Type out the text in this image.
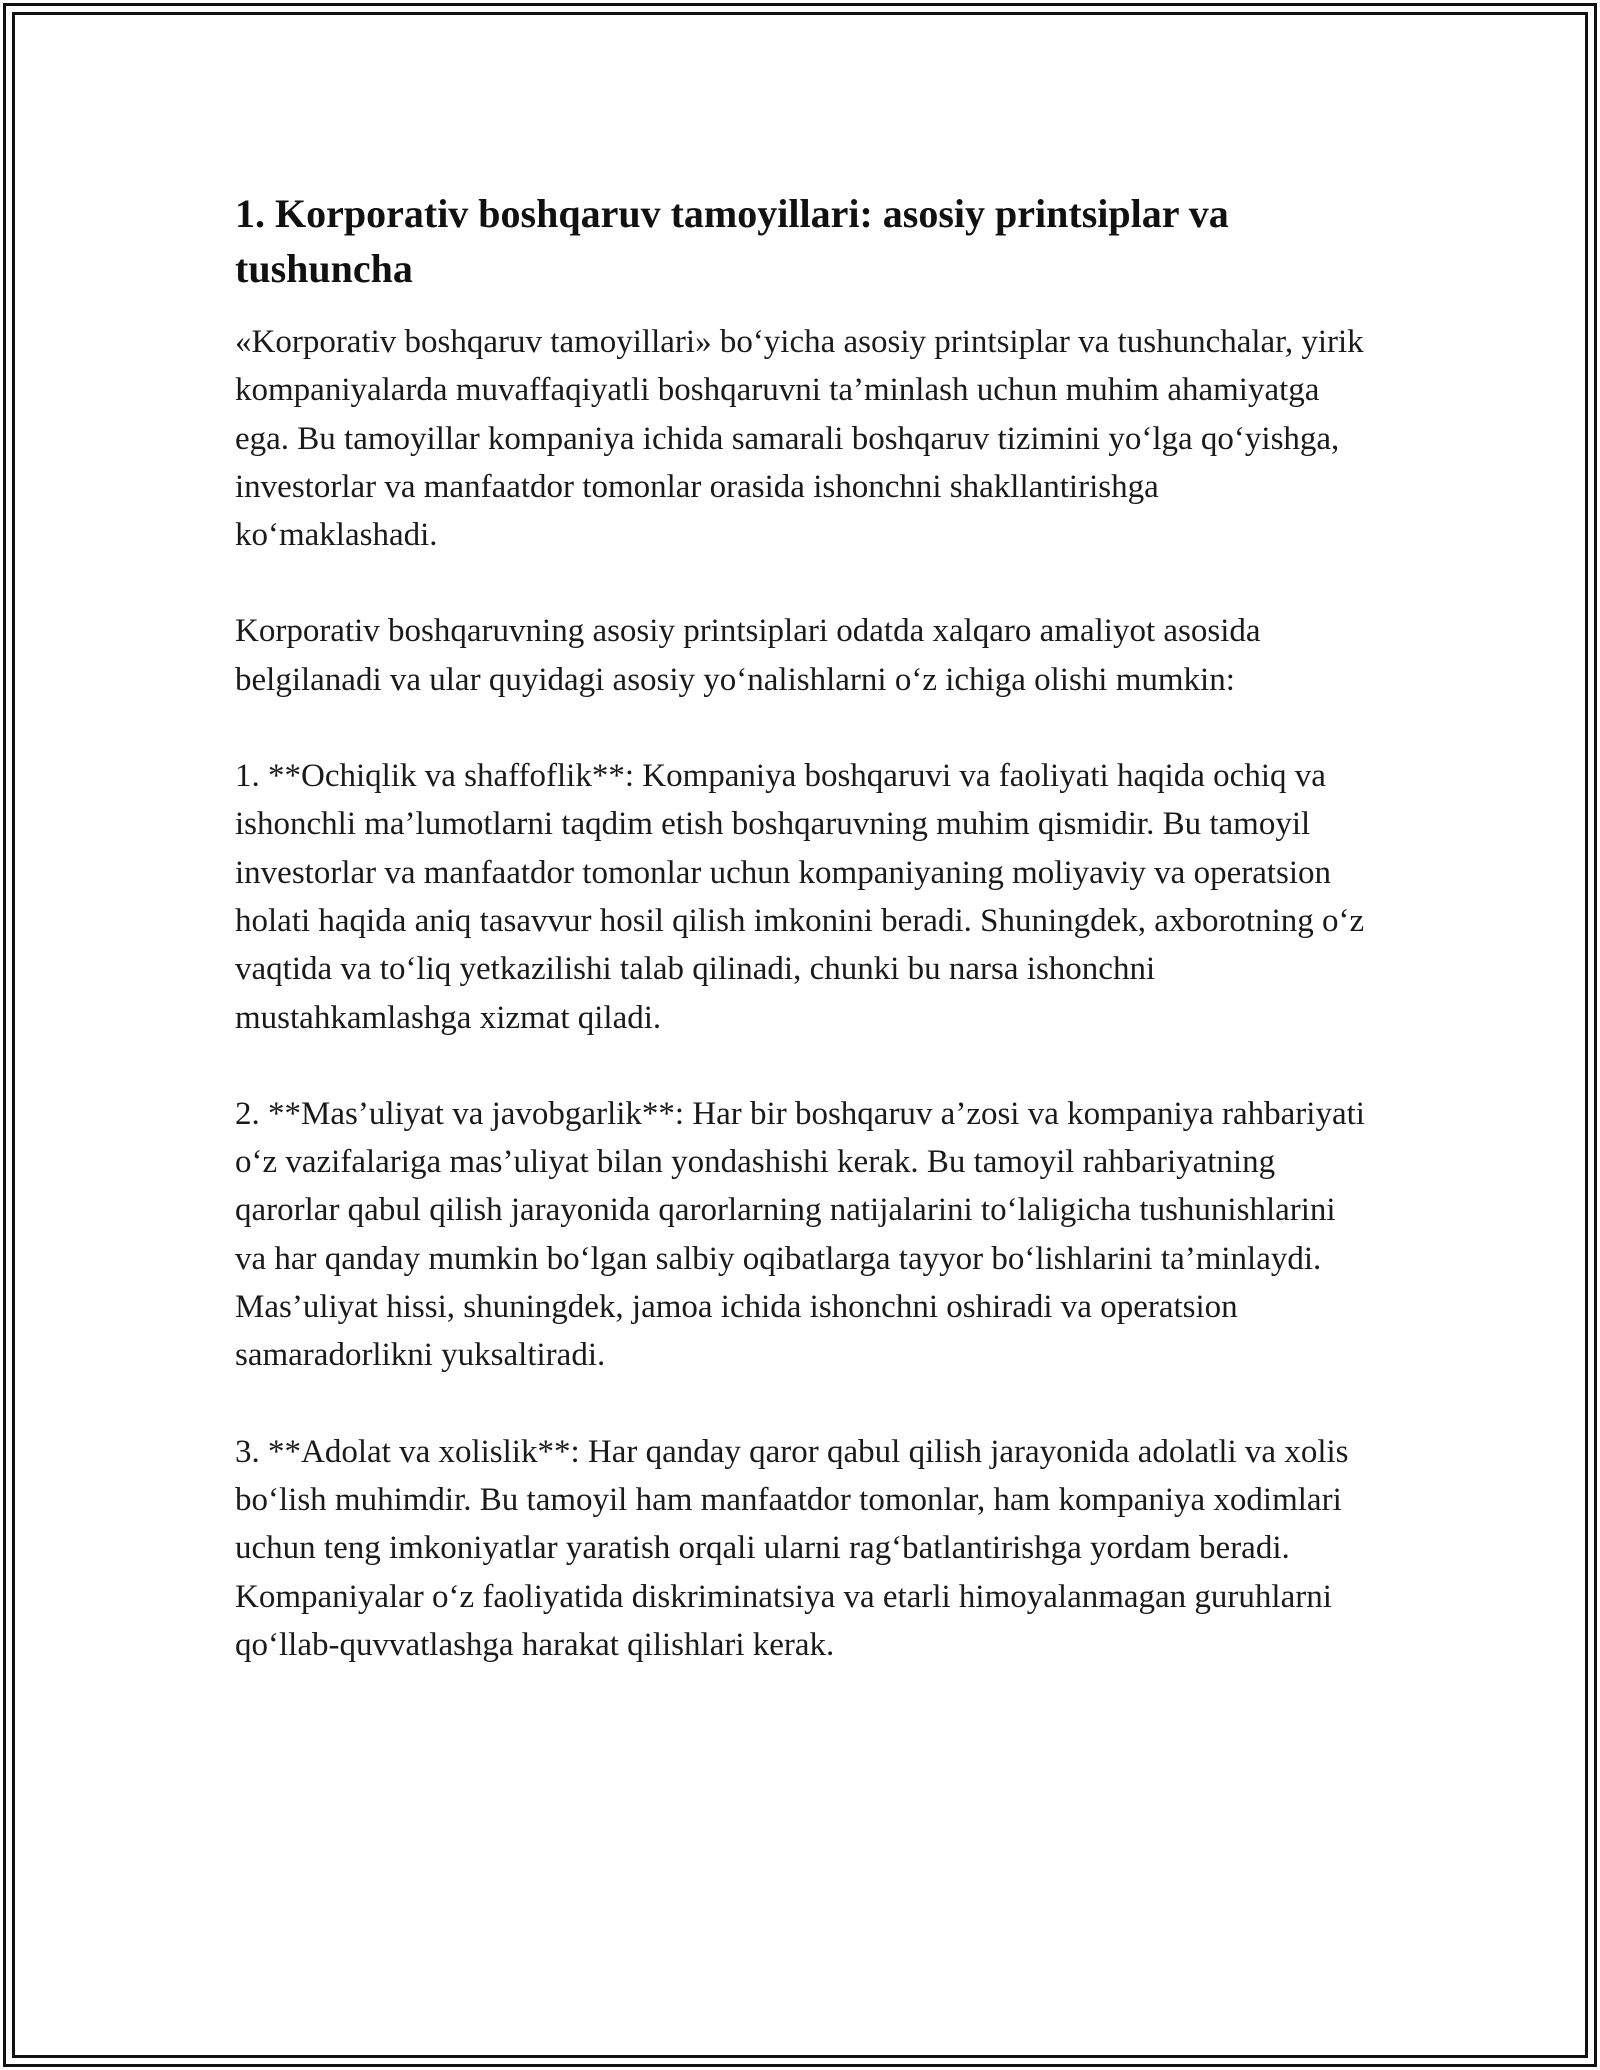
1. Korporativ boshqaruv tamoyillari: asosiy printsiplar va tushuncha

«Korporativ boshqaruv tamoyillari» bo‘yicha asosiy printsiplar va tushunchalar, yirik kompaniyalarda muvaffaqiyatli boshqaruvni ta’minlash uchun muhim ahamiyatga ega. Bu tamoyillar kompaniya ichida samarali boshqaruv tizimini yo‘lga qo‘yishga, investorlar va manfaatdor tomonlar orasida ishonchni shakllantirishga ko‘maklashadi.

Korporativ boshqaruvning asosiy printsiplari odatda xalqaro amaliyot asosida belgilanadi va ular quyidagi asosiy yo‘nalishlarni o‘z ichiga olishi mumkin:

1. **Ochiqlik va shaffoflik**: Kompaniya boshqaruvi va faoliyati haqida ochiq va ishonchli ma’lumotlarni taqdim etish boshqaruvning muhim qismidir. Bu tamoyil investorlar va manfaatdor tomonlar uchun kompaniyaning moliyaviy va operatsion holati haqida aniq tasavvur hosil qilish imkonini beradi. Shuningdek, axborotning o‘z vaqtida va to‘liq yetkazilishi talab qilinadi, chunki bu narsa ishonchni mustahkamlashga xizmat qiladi.

2. **Mas’uliyat va javobgarlik**: Har bir boshqaruv a’zosi va kompaniya rahbariyati o‘z vazifalariga mas’uliyat bilan yondashishi kerak. Bu tamoyil rahbariyatning qarorlar qabul qilish jarayonida qarorlarning natijalarini to‘laligicha tushunishlarini va har qanday mumkin bo‘lgan salbiy oqibatlarga tayyor bo‘lishlarini ta’minlaydi. Mas’uliyat hissi, shuningdek, jamoa ichida ishonchni oshiradi va operatsion samaradorlikni yuksaltiradi.

3. **Adolat va xolislik**: Har qanday qaror qabul qilish jarayonida adolatli va xolis bo‘lish muhimdir. Bu tamoyil ham manfaatdor tomonlar, ham kompaniya xodimlari uchun teng imkoniyatlar yaratish orqali ularni rag‘batlantirishga yordam beradi. Kompaniyalar o‘z faoliyatida diskriminatsiya va etarli himoyalanmagan guruhlarni qo‘llab-quvvatlashga harakat qilishlari kerak.
